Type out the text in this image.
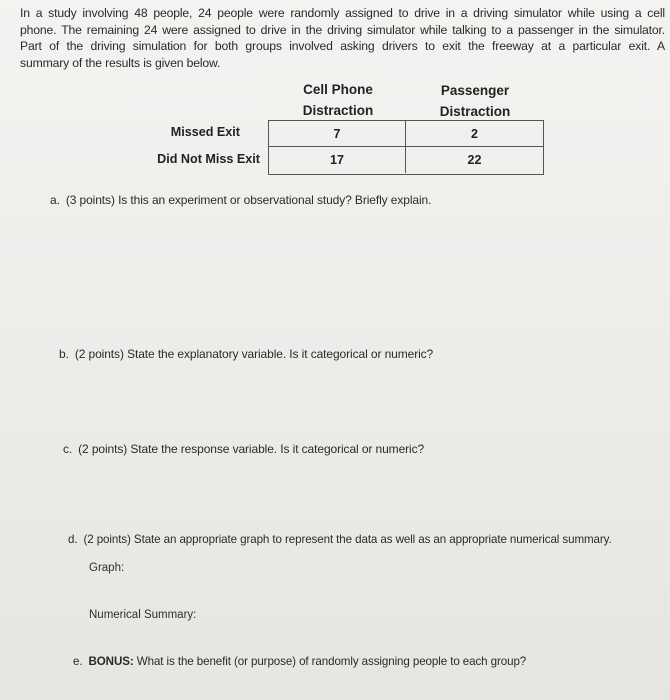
In a study involving 48 people, 24 people were randomly assigned to drive in a driving simulator while using a cell
phone. The remaining 24 were assigned to drive in the driving simulator while talking to a passenger in the simulator.
Part of the driving simulation for both groups involved asking drivers to exit the freeway at a particular exit. A
summary of the results is given below.
Cell Phone
Distraction
Passenger
Distraction
Missed Exit
Did Not Miss Exit
7	2
17	22
a. (3 points) Is this an experiment or observational study? Briefly explain.
b. (2 points) State the explanatory variable. Is it categorical or numeric?
c. (2 points) State the response variable. Is it categorical or numeric?
d. (2 points) State an appropriate graph to represent the data as well as an appropriate numerical summary.
Graph:
Numerical Summary:
e. BONUS: What is the benefit (or purpose) of randomly assigning people to each group?
